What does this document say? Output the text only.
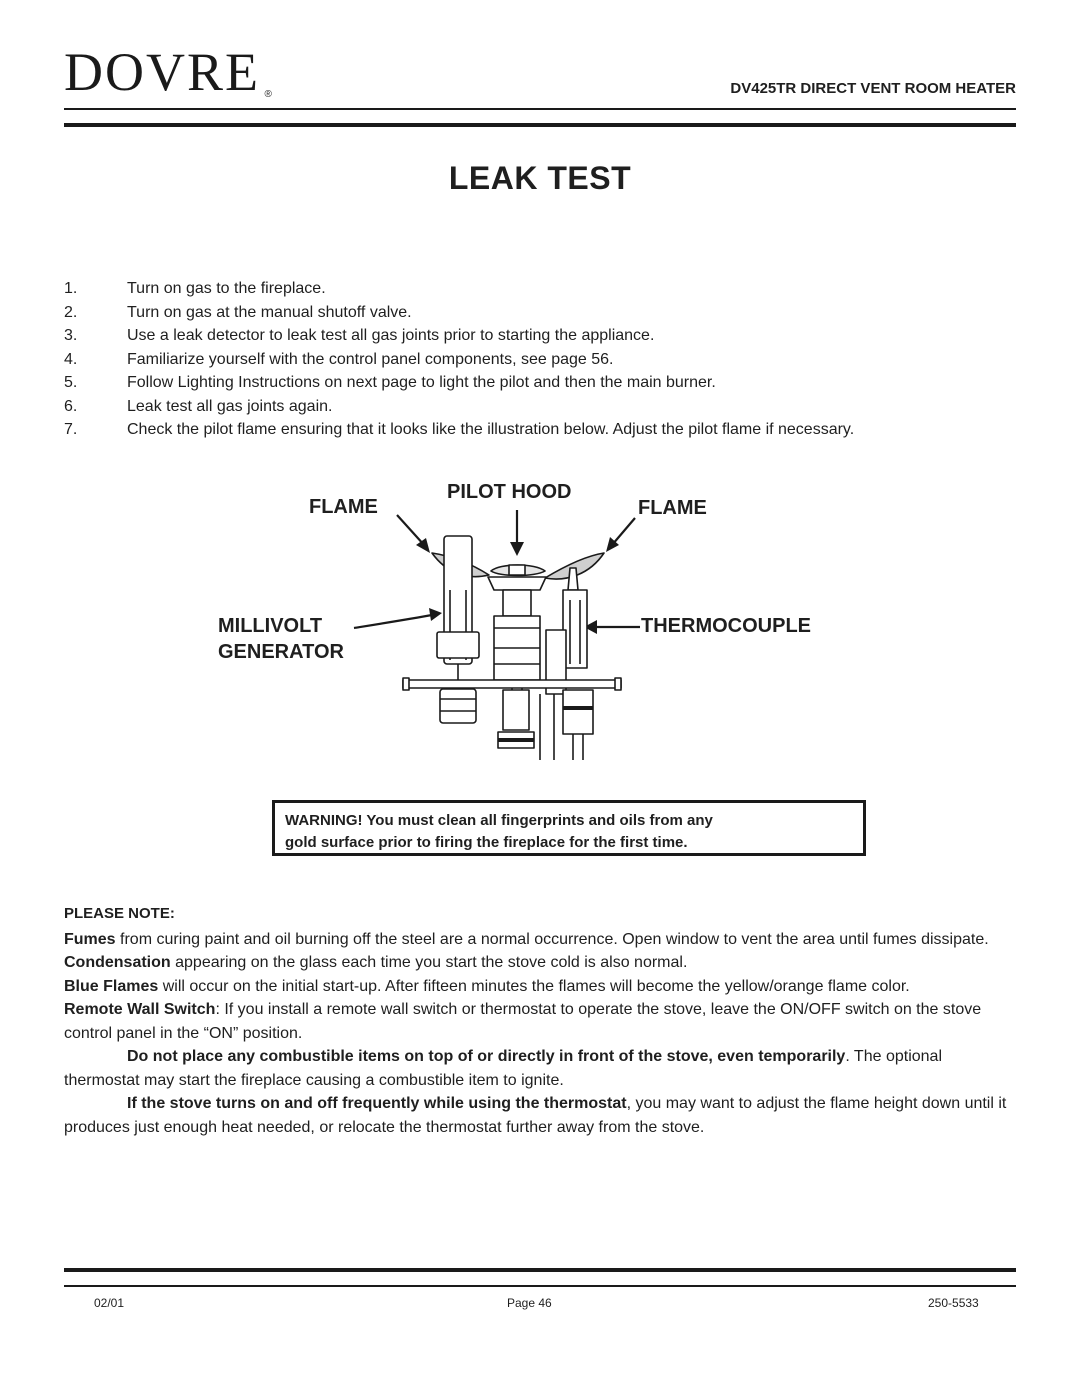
DOVRE ®	DV425TR DIRECT VENT ROOM HEATER
LEAK TEST
1.	Turn on gas to the fireplace.
2.	Turn on gas at the manual shutoff valve.
3.	Use a leak detector to leak test all gas joints prior to starting the appliance.
4.	Familiarize yourself with the control panel components, see page 56.
5.	Follow Lighting Instructions on next page to light the pilot and then the main burner.
6.	Leak test all gas joints again.
7.	Check the pilot flame ensuring that it looks like the illustration below. Adjust the pilot flame if necessary.
FLAME
PILOT HOOD
FLAME
MILLIVOLT
GENERATOR
THERMOCOUPLE
WARNING! You must clean all fingerprints and oils from any
gold surface prior to firing the fireplace for the first time.

PLEASE NOTE:

Fumes from curing paint and oil burning off the steel are a normal occurrence. Open window to vent the area until fumes dissipate.

Condensation appearing on the glass each time you start the stove cold is also normal.

Blue Flames will occur on the initial start-up. After fifteen minutes the flames will become the yellow/orange flame color.

Remote Wall Switch: If you install a remote wall switch or thermostat to operate the stove, leave the ON/OFF switch on the stove control panel in the “ON” position.

Do not place any combustible items on top of or directly in front of the stove, even temporarily. The optional thermostat may start the fireplace causing a combustible item to ignite.

If the stove turns on and off frequently while using the thermostat, you may want to adjust the flame height down until it produces just enough heat needed, or relocate the thermostat further away from the stove.

02/01	Page 46	250-5533
